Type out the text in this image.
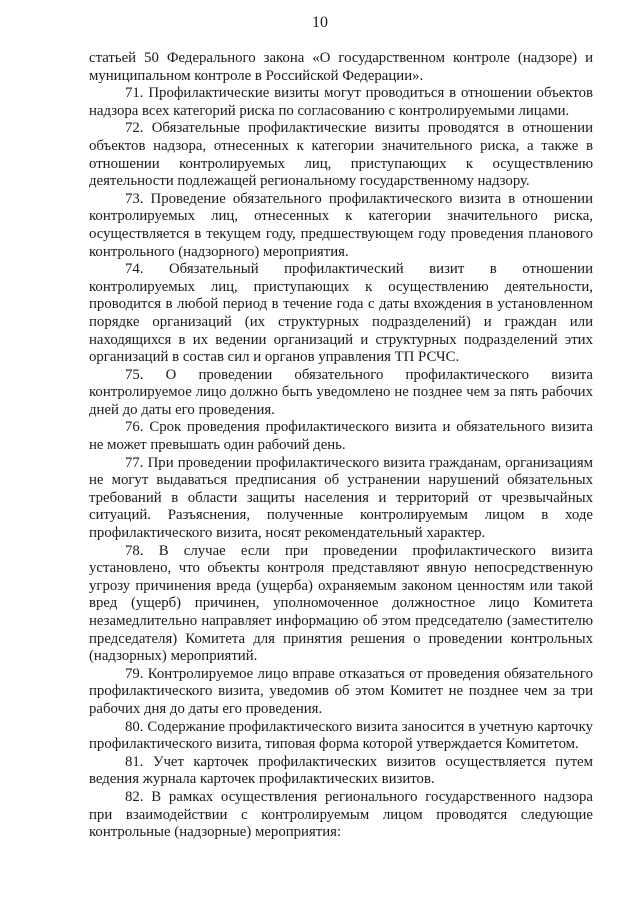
10

статьей 50 Федерального закона «О государственном контроле (надзоре) и муниципальном контроле в Российской Федерации».

71. Профилактические визиты могут проводиться в отношении объектов надзора всех категорий риска по согласованию с контролируемыми лицами.

72. Обязательные профилактические визиты проводятся в отношении объектов надзора, отнесенных к категории значительного риска, а также в отношении контролируемых лиц, приступающих к осуществлению деятельности подлежащей региональному государственному надзору.

73. Проведение обязательного профилактического визита в отношении контролируемых лиц, отнесенных к категории значительного риска, осуществляется в текущем году, предшествующем году проведения планового контрольного (надзорного) мероприятия.

74. Обязательный профилактический визит в отношении контролируемых лиц, приступающих к осуществлению деятельности, проводится в любой период в течение года с даты вхождения в установленном порядке организаций (их структурных подразделений) и граждан или находящихся в их ведении организаций и структурных подразделений этих организаций в состав сил и органов управления ТП РСЧС.

75. О проведении обязательного профилактического визита контролируемое лицо должно быть уведомлено не позднее чем за пять рабочих дней до даты его проведения.

76. Срок проведения профилактического визита и обязательного визита не может превышать один рабочий день.

77. При проведении профилактического визита гражданам, организациям не могут выдаваться предписания об устранении нарушений обязательных требований в области защиты населения и территорий от чрезвычайных ситуаций. Разъяснения, полученные контролируемым лицом в ходе профилактического визита, носят рекомендательный характер.

78. В случае если при проведении профилактического визита установлено, что объекты контроля представляют явную непосредственную угрозу причинения вреда (ущерба) охраняемым законом ценностям или такой вред (ущерб) причинен, уполномоченное должностное лицо Комитета незамедлительно направляет информацию об этом председателю (заместителю председателя) Комитета для принятия решения о проведении контрольных (надзорных) мероприятий.

79. Контролируемое лицо вправе отказаться от проведения обязательного профилактического визита, уведомив об этом Комитет не позднее чем за три рабочих дня до даты его проведения.

80. Содержание профилактического визита заносится в учетную карточку профилактического визита, типовая форма которой утверждается Комитетом.

81. Учет карточек профилактических визитов осуществляется путем ведения журнала карточек профилактических визитов.

82. В рамках осуществления регионального государственного надзора при взаимодействии с контролируемым лицом проводятся следующие контрольные (надзорные) мероприятия:
